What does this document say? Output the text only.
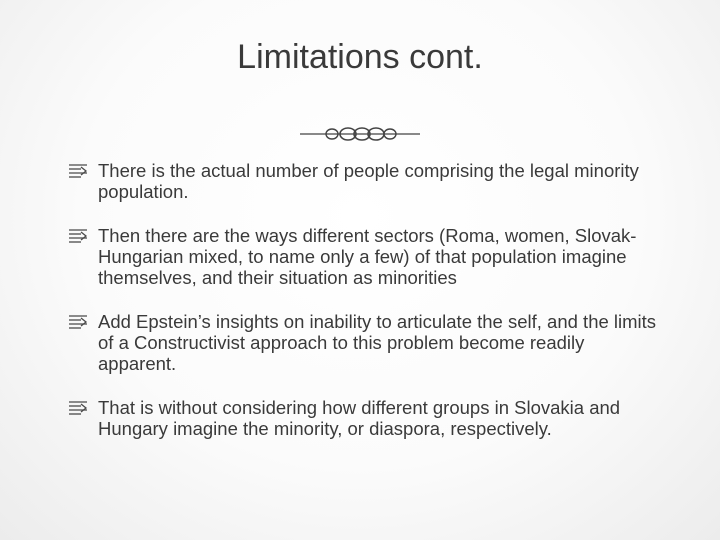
Limitations cont.
There is the actual number of people comprising the legal minority population.
Then there are the ways different sectors (Roma, women, Slovak-Hungarian mixed, to name only a few) of that population imagine themselves, and their situation as minorities
Add Epstein’s insights on inability to articulate the self, and the limits of a Constructivist approach to this problem become readily apparent.
That is without considering how different groups in Slovakia and Hungary imagine the minority, or diaspora, respectively.
